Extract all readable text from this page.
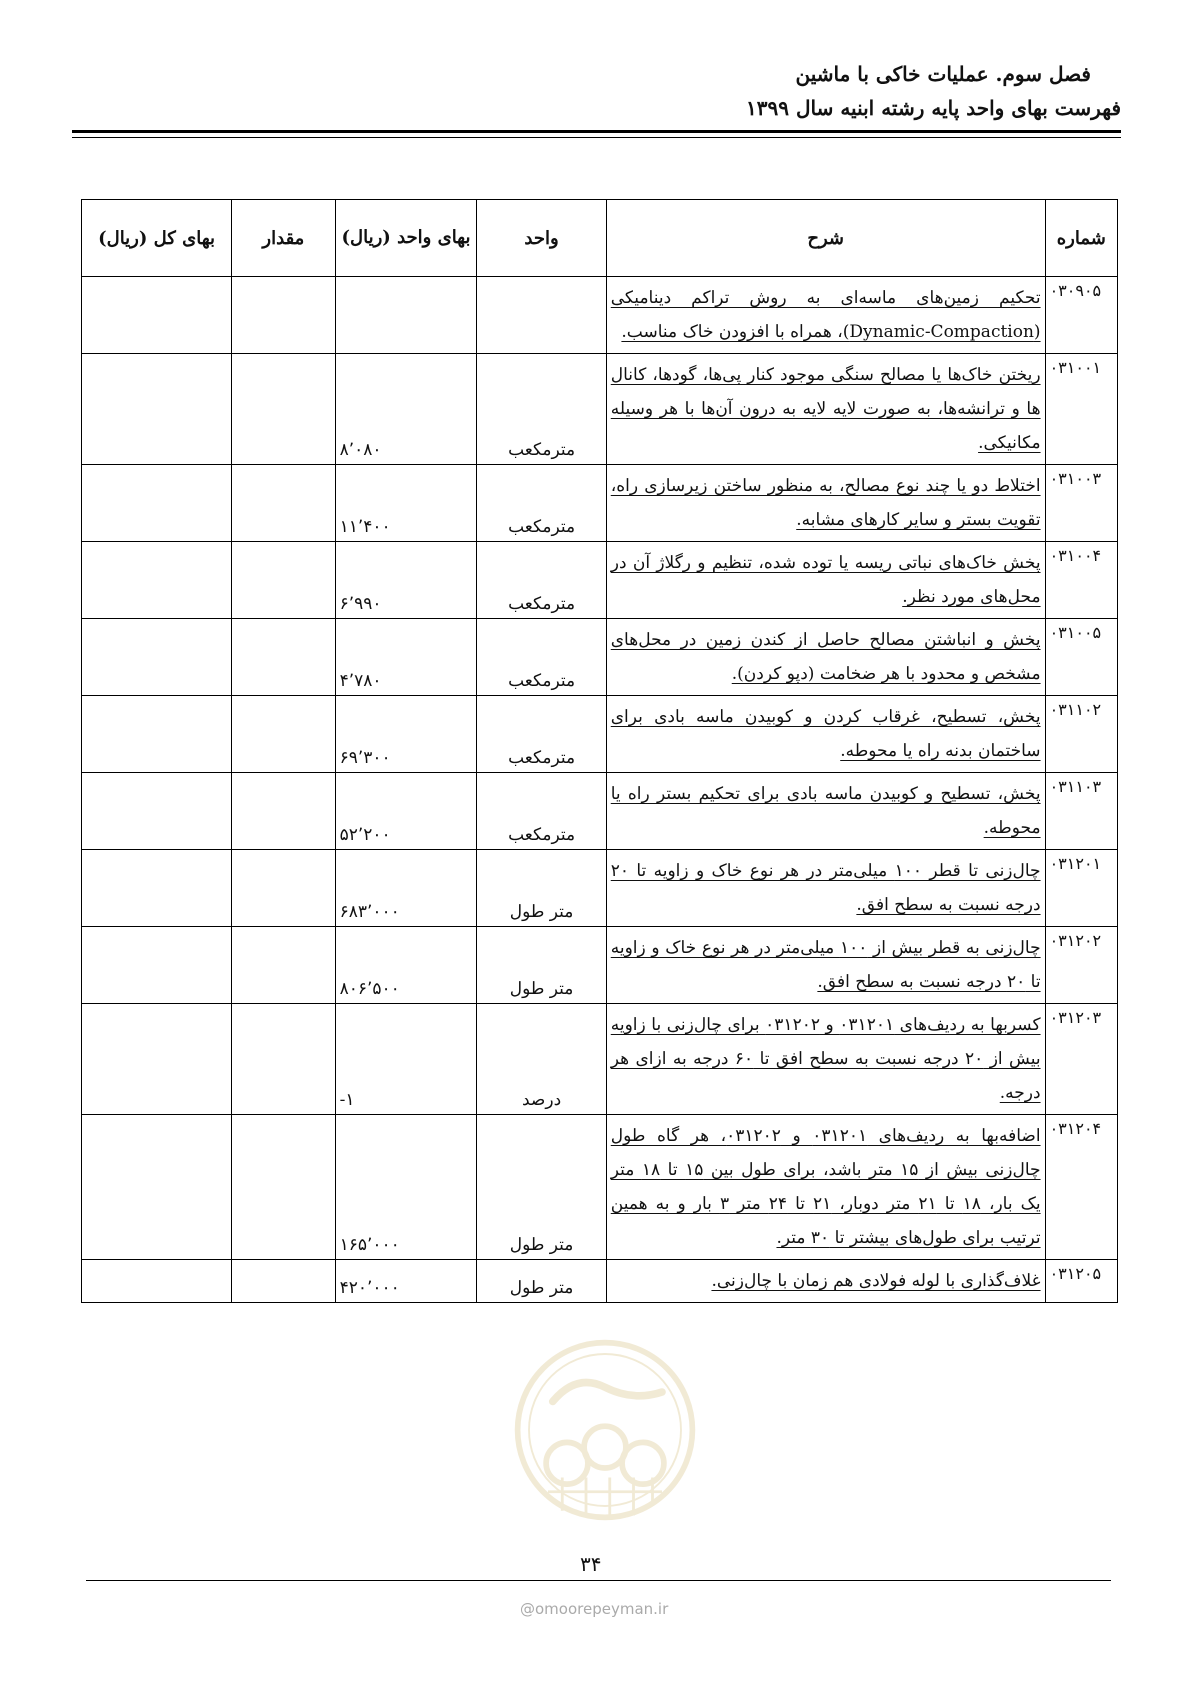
فصل سوم. عملیات خاکی با ماشین
فهرست بهای واحد پایه رشته ابنیه سال ۱۳۹۹
شماره	شرح	واحد	بهای واحد (ریال)	مقدار	بهای کل (ریال)
۰۳۰۹۰۵	تحکیم زمین‌های ماسه‌ای به روش تراکم دینامیکی (Dynamic-Compaction)، همراه با افزودن خاک مناسب.				
۰۳۱۰۰۱	ریختن خاک‌ها یا مصالح سنگی موجود کنار پی‌ها، گودها، کانال ها و ترانشه‌ها، به صورت لایه لایه به درون آن‌ها با هر وسیله مکانیکی.	مترمکعب	۸٬۰۸۰		
۰۳۱۰۰۳	اختلاط دو یا چند نوع مصالح، به منظور ساختن زیرسازی راه، تقویت بستر و سایر کارهای مشابه.	مترمکعب	۱۱٬۴۰۰		
۰۳۱۰۰۴	پخش خاک‌های نباتی ریسه یا توده شده، تنظیم و رگلاژ آن در محل‌های مورد نظر.	مترمکعب	۶٬۹۹۰		
۰۳۱۰۰۵	پخش و انباشتن مصالح حاصل از کندن زمین در محل‌های مشخص و محدود با هر ضخامت (دپو کردن).	مترمکعب	۴٬۷۸۰		
۰۳۱۱۰۲	پخش، تسطیح، غرقاب کردن و کوبیدن ماسه بادی برای ساختمان بدنه راه یا محوطه.	مترمکعب	۶۹٬۳۰۰		
۰۳۱۱۰۳	پخش، تسطیح و کوبیدن ماسه بادی برای تحکیم بستر راه یا محوطه.	مترمکعب	۵۲٬۲۰۰		
۰۳۱۲۰۱	چال‌زنی تا قطر ۱۰۰ میلی‌متر در هر نوع خاک و زاویه تا ۲۰ درجه نسبت به سطح افق.	متر طول	۶۸۳٬۰۰۰		
۰۳۱۲۰۲	چال‌زنی به قطر بیش از ۱۰۰ میلی‌متر در هر نوع خاک و زاویه تا ۲۰ درجه نسبت به سطح افق.	متر طول	۸۰۶٬۵۰۰		
۰۳۱۲۰۳	کسربها به ردیف‌های ۰۳۱۲۰۱ و ۰۳۱۲۰۲ برای چال‌زنی با زاویه بیش از ۲۰ درجه نسبت به سطح افق تا ۶۰ درجه به ازای هر درجه.	درصد	-۱		
۰۳۱۲۰۴	اضافه‌بها به ردیف‌های ۰۳۱۲۰۱ و ۰۳۱۲۰۲، هر گاه طول چال‌زنی بیش از ۱۵ متر باشد، برای طول بین ۱۵ تا ۱۸ متر یک بار، ۱۸ تا ۲۱ متر دوبار، ۲۱ تا ۲۴ متر ۳ بار و به همین ترتیب برای طول‌های بیشتر تا ۳۰ متر.	متر طول	۱۶۵٬۰۰۰		
۰۳۱۲۰۵	غلاف‌گذاری با لوله فولادی هم زمان با چال‌زنی.	متر طول	۴۲۰٬۰۰۰		
۳۴
@omoorepeyman.ir
